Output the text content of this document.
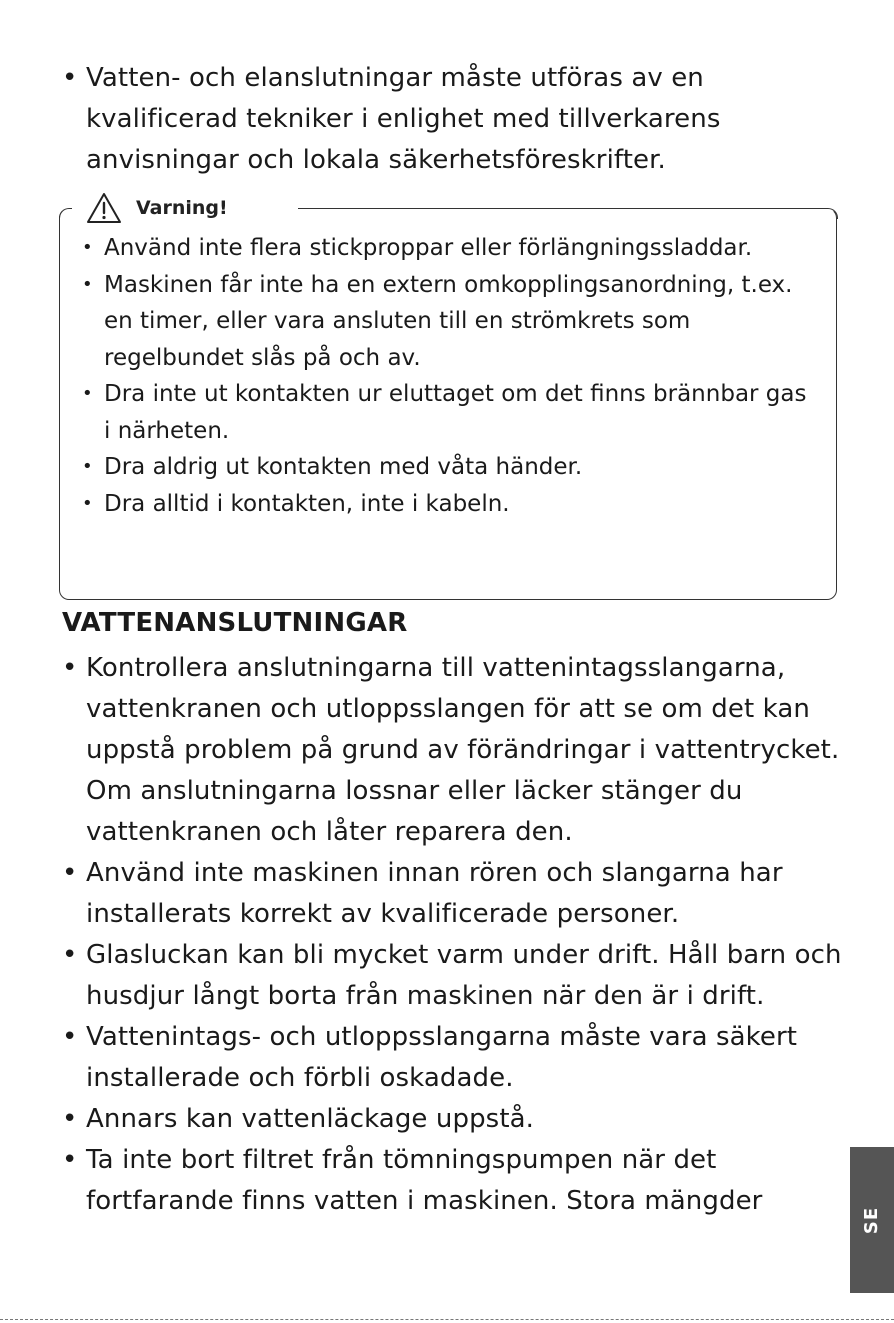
• Vatten- och elanslutningar måste utföras av en kvalificerad tekniker i enlighet med tillverkarens anvisningar och lokala säkerhetsföreskrifter.
Varning!
• Använd inte flera stickproppar eller förlängningssladdar.
• Maskinen får inte ha en extern omkopplingsanordning, t.ex. en timer, eller vara ansluten till en strömkrets som regelbundet slås på och av.
• Dra inte ut kontakten ur eluttaget om det finns brännbar gas i närheten.
• Dra aldrig ut kontakten med våta händer.
• Dra alltid i kontakten, inte i kabeln.
VATTENANSLUTNINGAR
• Kontrollera anslutningarna till vattenintagsslangarna, vattenkranen och utloppsslangen för att se om det kan uppstå problem på grund av förändringar i vattentrycket. Om anslutningarna lossnar eller läcker stänger du vattenkranen och låter reparera den.
• Använd inte maskinen innan rören och slangarna har installerats korrekt av kvalificerade personer.
• Glasluckan kan bli mycket varm under drift. Håll barn och husdjur långt borta från maskinen när den är i drift.
• Vattenintags- och utloppsslangarna måste vara säkert installerade och förbli oskadade.
• Annars kan vattenläckage uppstå.
• Ta inte bort filtret från tömningspumpen när det fortfarande finns vatten i maskinen. Stora mängder
SE
